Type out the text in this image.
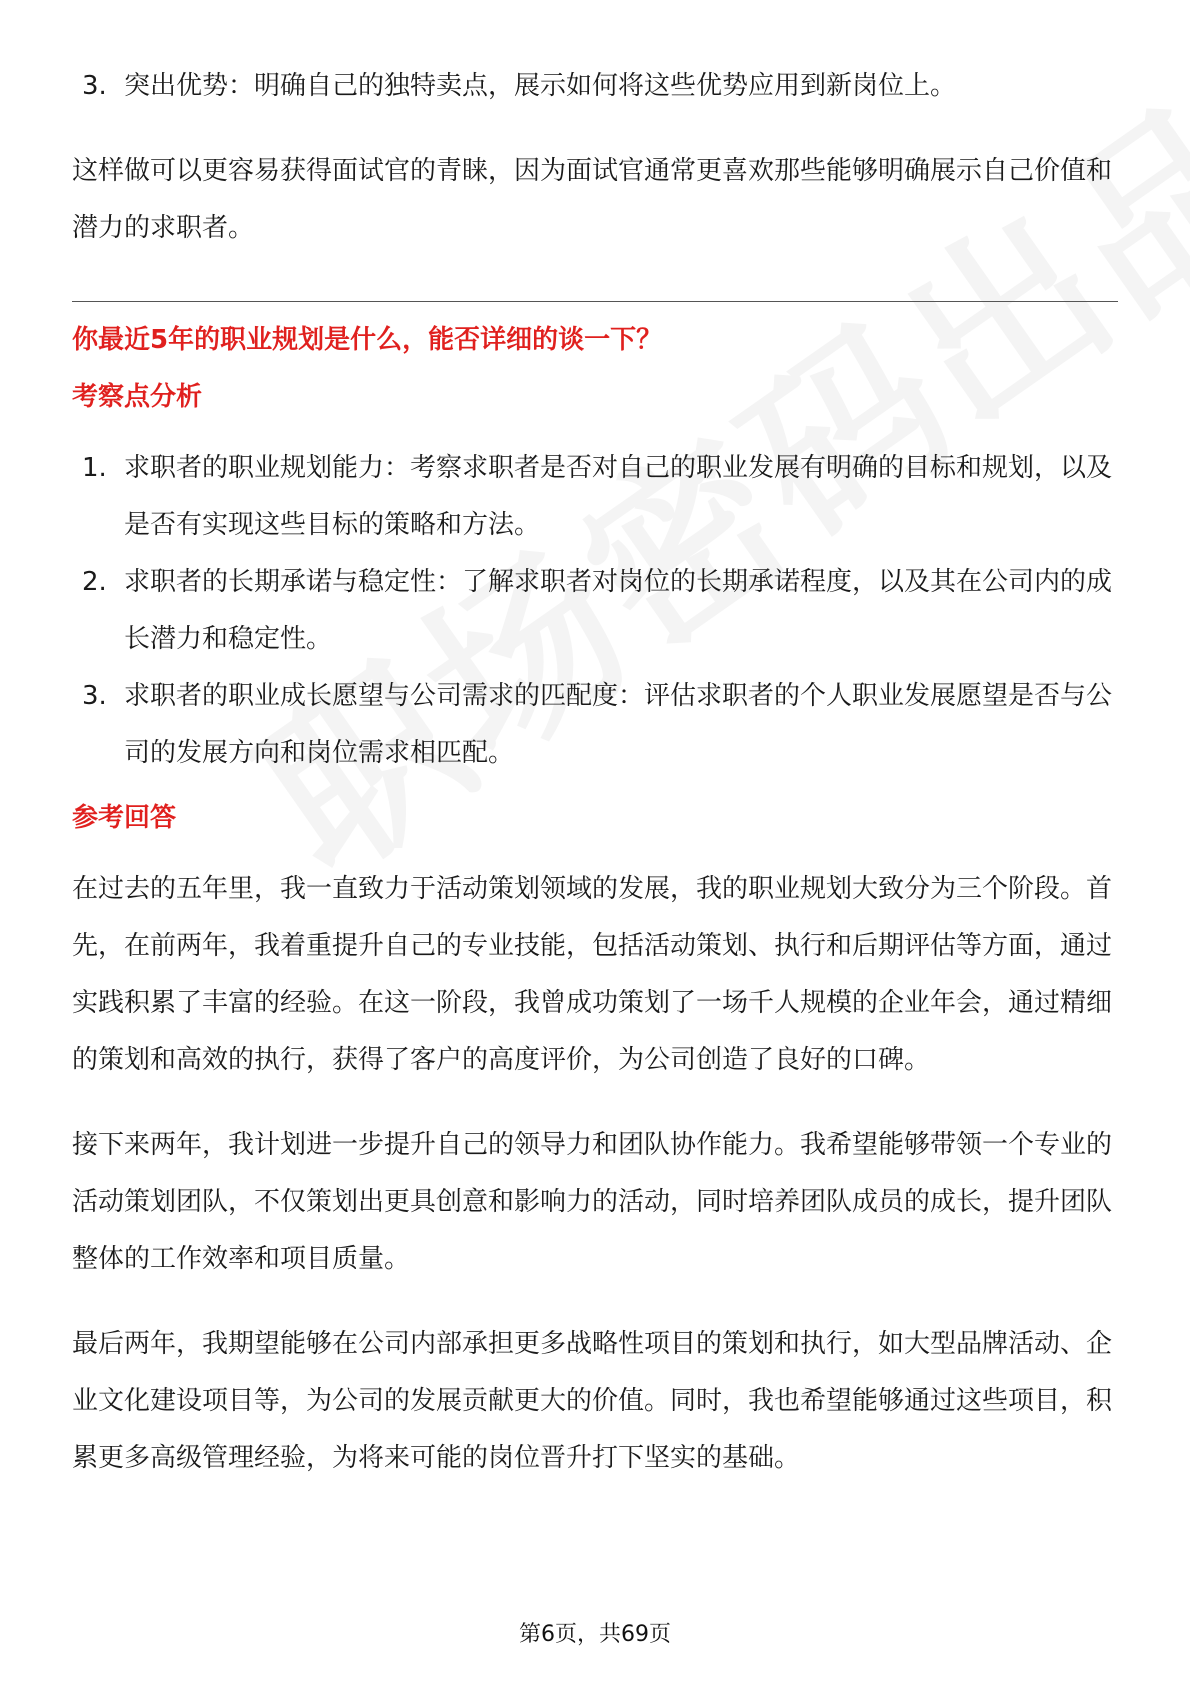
3. 突出优势：明确自己的独特卖点，展示如何将这些优势应用到新岗位上。

这样做可以更容易获得面试官的青睐，因为面试官通常更喜欢那些能够明确展示自己价值和潜力的求职者。

你最近5年的职业规划是什么，能否详细的谈一下？

考察点分析

1. 求职者的职业规划能力：考察求职者是否对自己的职业发展有明确的目标和规划，以及是否有实现这些目标的策略和方法。
2. 求职者的长期承诺与稳定性：了解求职者对岗位的长期承诺程度，以及其在公司内的成长潜力和稳定性。
3. 求职者的职业成长愿望与公司需求的匹配度：评估求职者的个人职业发展愿望是否与公司的发展方向和岗位需求相匹配。

参考回答

在过去的五年里，我一直致力于活动策划领域的发展，我的职业规划大致分为三个阶段。首先，在前两年，我着重提升自己的专业技能，包括活动策划、执行和后期评估等方面，通过实践积累了丰富的经验。在这一阶段，我曾成功策划了一场千人规模的企业年会，通过精细的策划和高效的执行，获得了客户的高度评价，为公司创造了良好的口碑。

接下来两年，我计划进一步提升自己的领导力和团队协作能力。我希望能够带领一个专业的活动策划团队，不仅策划出更具创意和影响力的活动，同时培养团队成员的成长，提升团队整体的工作效率和项目质量。

最后两年，我期望能够在公司内部承担更多战略性项目的策划和执行，如大型品牌活动、企业文化建设项目等，为公司的发展贡献更大的价值。同时，我也希望能够通过这些项目，积累更多高级管理经验，为将来可能的岗位晋升打下坚实的基础。

第6页，共69页
